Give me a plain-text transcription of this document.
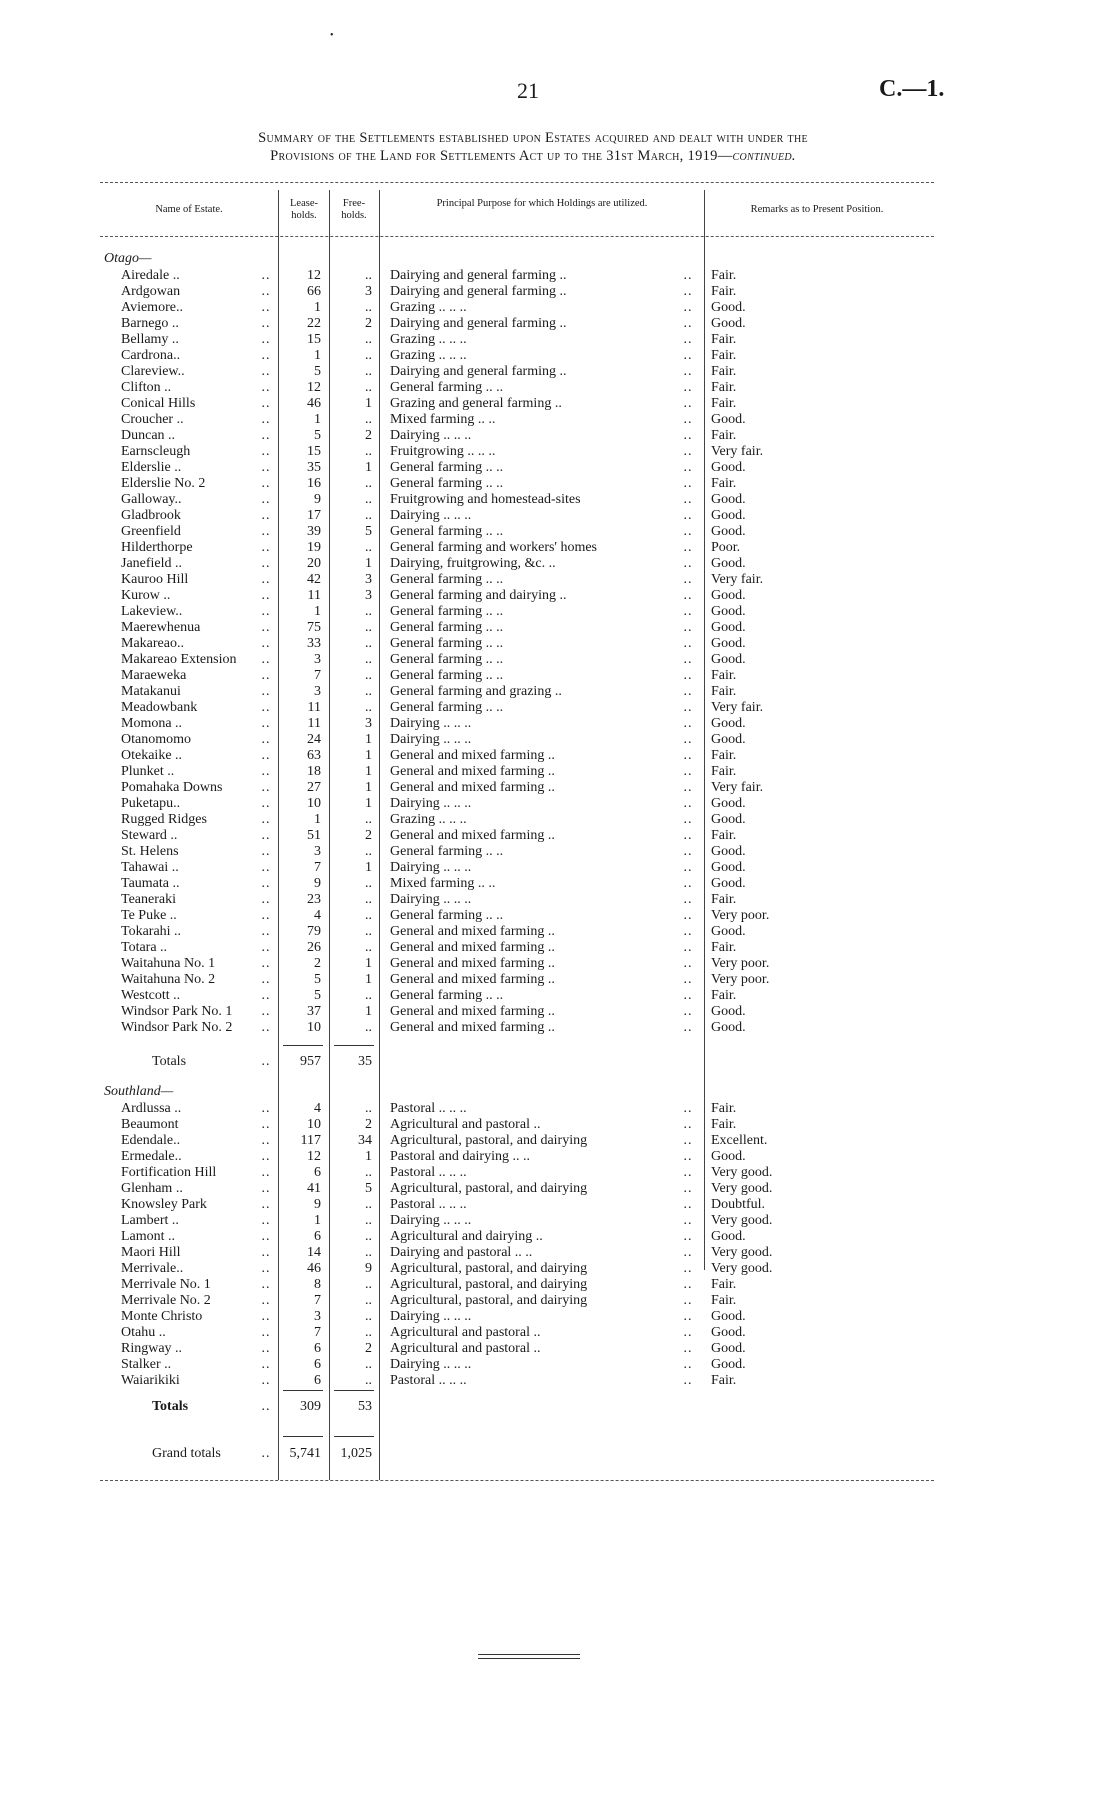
•
21	C.—1.
Summary of the Settlements established upon Estates acquired and dealt with under the
Provisions of the Land for Settlements Act up to the 31st March, 1919—continued.
Name of Estate.
Lease-holds.
Free-holds.
Principal Purpose for which Holdings are utilized.
Remarks as to Present Position.
Otago—
Airedale ..	..	12	.. Dairying and general farming ..	..	Fair.
Ardgowan	..	66	3 Dairying and general farming ..	..	Fair.
Aviemore..	..	1	.. Grazing .. .. ..	..	Good.
Barnego ..	..	22	2 Dairying and general farming ..	..	Good.
Bellamy ..	..	15	.. Grazing .. .. ..	..	Fair.
Cardrona..	..	1	.. Grazing .. .. ..	..	Fair.
Clareview..	..	5	.. Dairying and general farming ..	..	Fair.
Clifton ..	..	12	.. General farming .. ..	..	Fair.
Conical Hills	..	46	1 Grazing and general farming ..	..	Fair.
Croucher ..	..	1	.. Mixed farming .. ..	..	Good.
Duncan ..	..	5	2 Dairying .. .. ..	..	Fair.
Earnscleugh	..	15	.. Fruitgrowing .. .. ..	..	Very fair.
Elderslie ..	..	35	1 General farming .. ..	..	Good.
Elderslie No. 2	..	16	.. General farming .. ..	..	Fair.
Galloway..	..	9	.. Fruitgrowing and homestead-sites	..	Good.
Gladbrook	..	17	.. Dairying .. .. ..	..	Good.
Greenfield	..	39	5 General farming .. ..	..	Good.
Hilderthorpe	..	19	.. General farming and workers' homes	..	Poor.
Janefield ..	..	20	1 Dairying, fruitgrowing, &c. ..	..	Good.
Kauroo Hill	..	42	3 General farming .. ..	..	Very fair.
Kurow ..	..	11	3 General farming and dairying ..	..	Good.
Lakeview..	..	1	.. General farming .. ..	..	Good.
Maerewhenua	..	75	.. General farming .. ..	..	Good.
Makareao..	..	33	.. General farming .. ..	..	Good.
Makareao Extension	..	3	.. General farming .. ..	..	Good.
Maraeweka	..	7	.. General farming .. ..	..	Fair.
Matakanui	..	3	.. General farming and grazing ..	..	Fair.
Meadowbank	..	11	.. General farming .. ..	..	Very fair.
Momona ..	..	11	3 Dairying .. .. ..	..	Good.
Otanomomo	..	24	1 Dairying .. .. ..	..	Good.
Otekaike ..	..	63	1 General and mixed farming ..	..	Fair.
Plunket ..	..	18	1 General and mixed farming ..	..	Fair.
Pomahaka Downs	..	27	1 General and mixed farming ..	..	Very fair.
Puketapu..	..	10	1 Dairying .. .. ..	..	Good.
Rugged Ridges	..	1	.. Grazing .. .. ..	..	Good.
Steward ..	..	51	2 General and mixed farming ..	..	Fair.
St. Helens	..	3	.. General farming .. ..	..	Good.
Tahawai ..	..	7	1 Dairying .. .. ..	..	Good.
Taumata ..	..	9	.. Mixed farming .. ..	..	Good.
Teaneraki	..	23	.. Dairying .. .. ..	..	Fair.
Te Puke ..	..	4	.. General farming .. ..	..	Very poor.
Tokarahi ..	..	79	.. General and mixed farming ..	..	Good.
Totara ..	..	26	.. General and mixed farming ..	..	Fair.
Waitahuna No. 1	..	2	1 General and mixed farming ..	..	Very poor.
Waitahuna No. 2	..	5	1 General and mixed farming ..	..	Very poor.
Westcott ..	..	5	.. General farming .. ..	..	Fair.
Windsor Park No. 1	..	37	1 General and mixed farming ..	..	Good.
Windsor Park No. 2	..	10	.. General and mixed farming ..	..	Good.
Totals	..	957	35
Southland—
Ardlussa ..	..	4	.. Pastoral .. .. ..	..	Fair.
Beaumont	..	10	2 Agricultural and pastoral ..	..	Fair.
Edendale..	..	117	34 Agricultural, pastoral, and dairying	..	Excellent.
Ermedale..	..	12	1 Pastoral and dairying .. ..	..	Good.
Fortification Hill	..	6	.. Pastoral .. .. ..	..	Very good.
Glenham ..	..	41	5 Agricultural, pastoral, and dairying	..	Very good.
Knowsley Park	..	9	.. Pastoral .. .. ..	..	Doubtful.
Lambert ..	..	1	.. Dairying .. .. ..	..	Very good.
Lamont ..	..	6	.. Agricultural and dairying ..	..	Good.
Maori Hill	..	14	.. Dairying and pastoral .. ..	..	Very good.
Merrivale..	..	46	9 Agricultural, pastoral, and dairying	..	Very good.
Merrivale No. 1	..	8	.. Agricultural, pastoral, and dairying	..	Fair.
Merrivale No. 2	..	7	.. Agricultural, pastoral, and dairying	..	Fair.
Monte Christo	..	3	.. Dairying .. .. ..	..	Good.
Otahu ..	..	7	.. Agricultural and pastoral ..	..	Good.
Ringway ..	..	6	2 Agricultural and pastoral ..	..	Good.
Stalker ..	..	6	.. Dairying .. .. ..	..	Good.
Waiarikiki	..	6	.. Pastoral .. .. ..	..	Fair.
Totals	..	309	53
Grand totals	..	5,741	1,025
